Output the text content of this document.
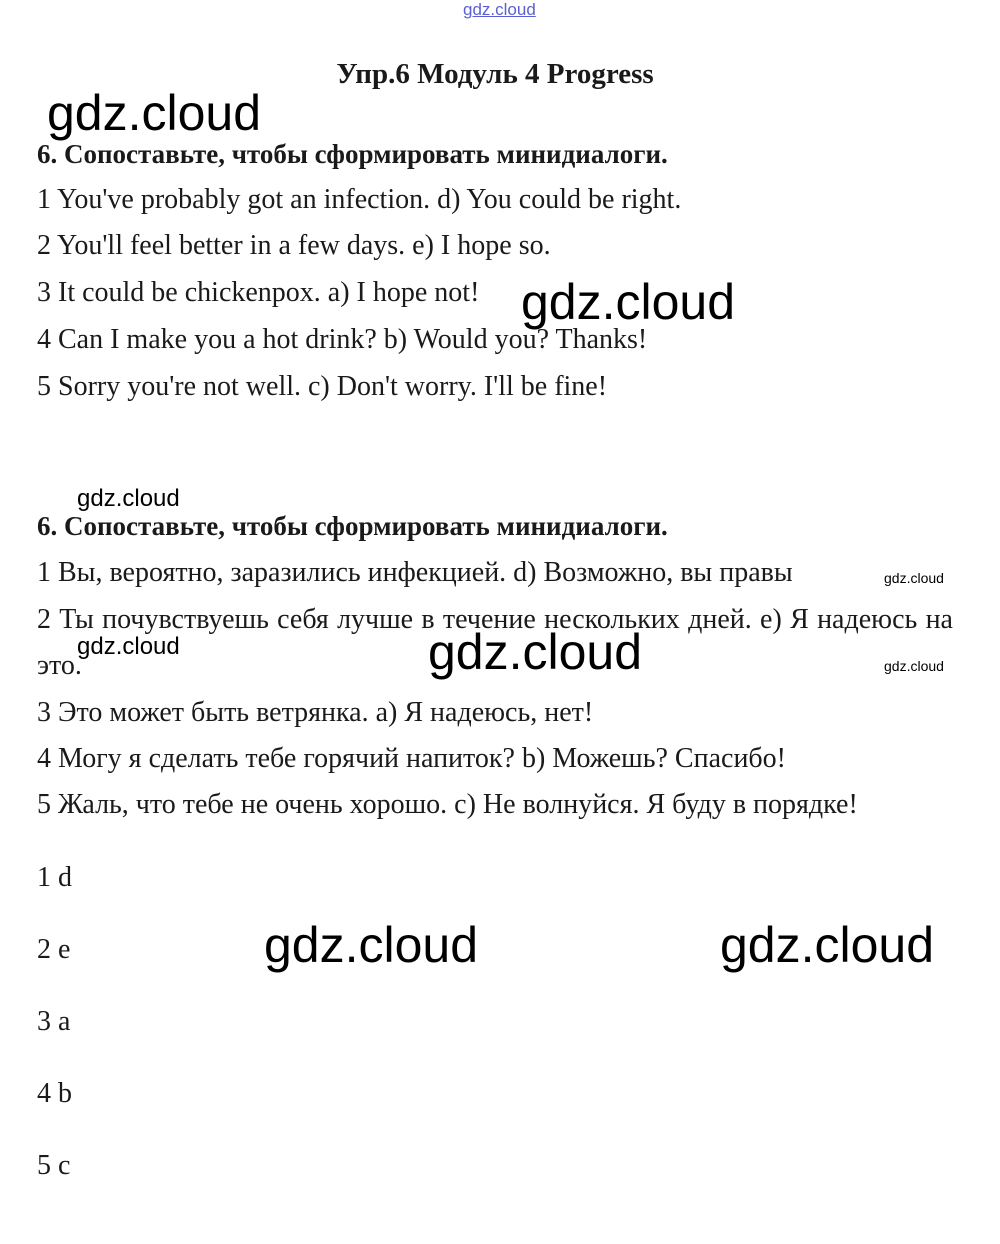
gdz.cloud
gdz.cloud
gdz.cloud
gdz.cloud
gdz.cloud
gdz.cloud	gdz.cloud	gdz.cloud
gdz.cloud	gdz.cloud
Упр.6 Модуль 4 Progress
6. Сопоставьте, чтобы сформировать минидиалоги.
1 You've probably got an infection. d) You could be right.
2 You'll feel better in a few days. e) I hope so.
3 It could be chickenpox. a) I hope not!
4 Can I make you a hot drink? b) Would you? Thanks!
5 Sorry you're not well. c) Don't worry. I'll be fine!
6. Сопоставьте, чтобы сформировать минидиалоги.
1 Вы, вероятно, заразились инфекцией. d) Возможно, вы правы
2 Ты почувствуешь себя лучше в течение нескольких дней. e) Я надеюсь на это.
3 Это может быть ветрянка. a) Я надеюсь, нет!
4 Могу я сделать тебе горячий напиток? b) Можешь? Спасибо!
5 Жаль, что тебе не очень хорошо. c) Не волнуйся. Я буду в порядке!
1 d
2 e
3 a
4 b
5 c
